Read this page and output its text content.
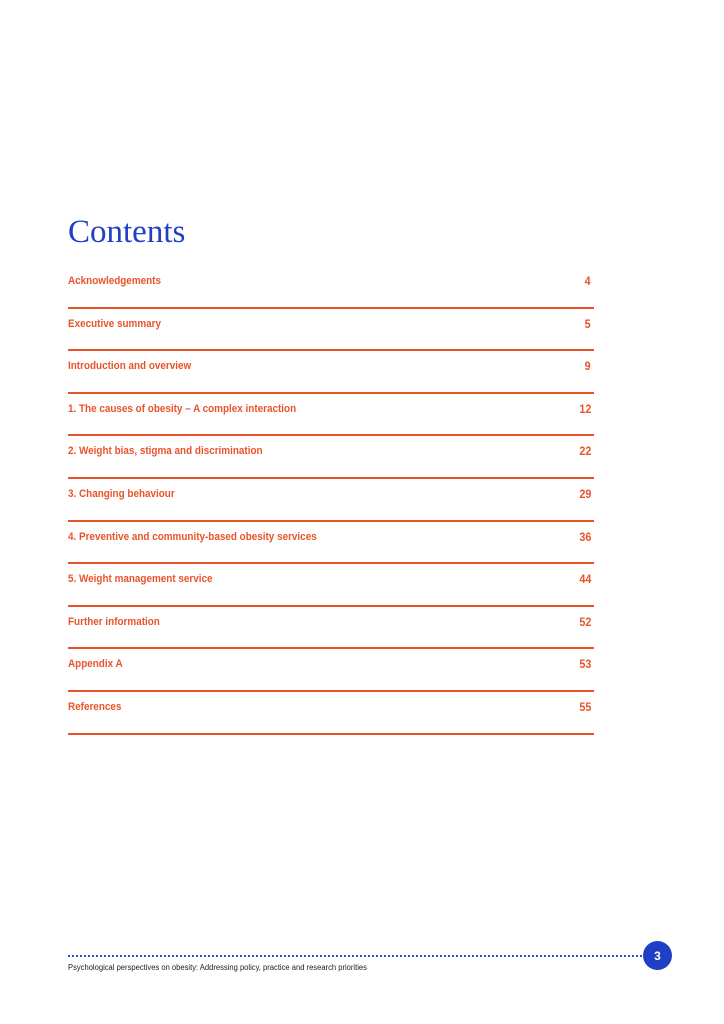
Contents
Acknowledgements	4
Executive summary	5
Introduction and overview	9
1. The causes of obesity – A complex interaction	12
2. Weight bias, stigma and discrimination	22
3. Changing behaviour	29
4. Preventive and community-based obesity services	36
5. Weight management service	44
Further information	52
Appendix A	53
References	55
3
Psychological perspectives on obesity: Addressing policy, practice and research priorities
